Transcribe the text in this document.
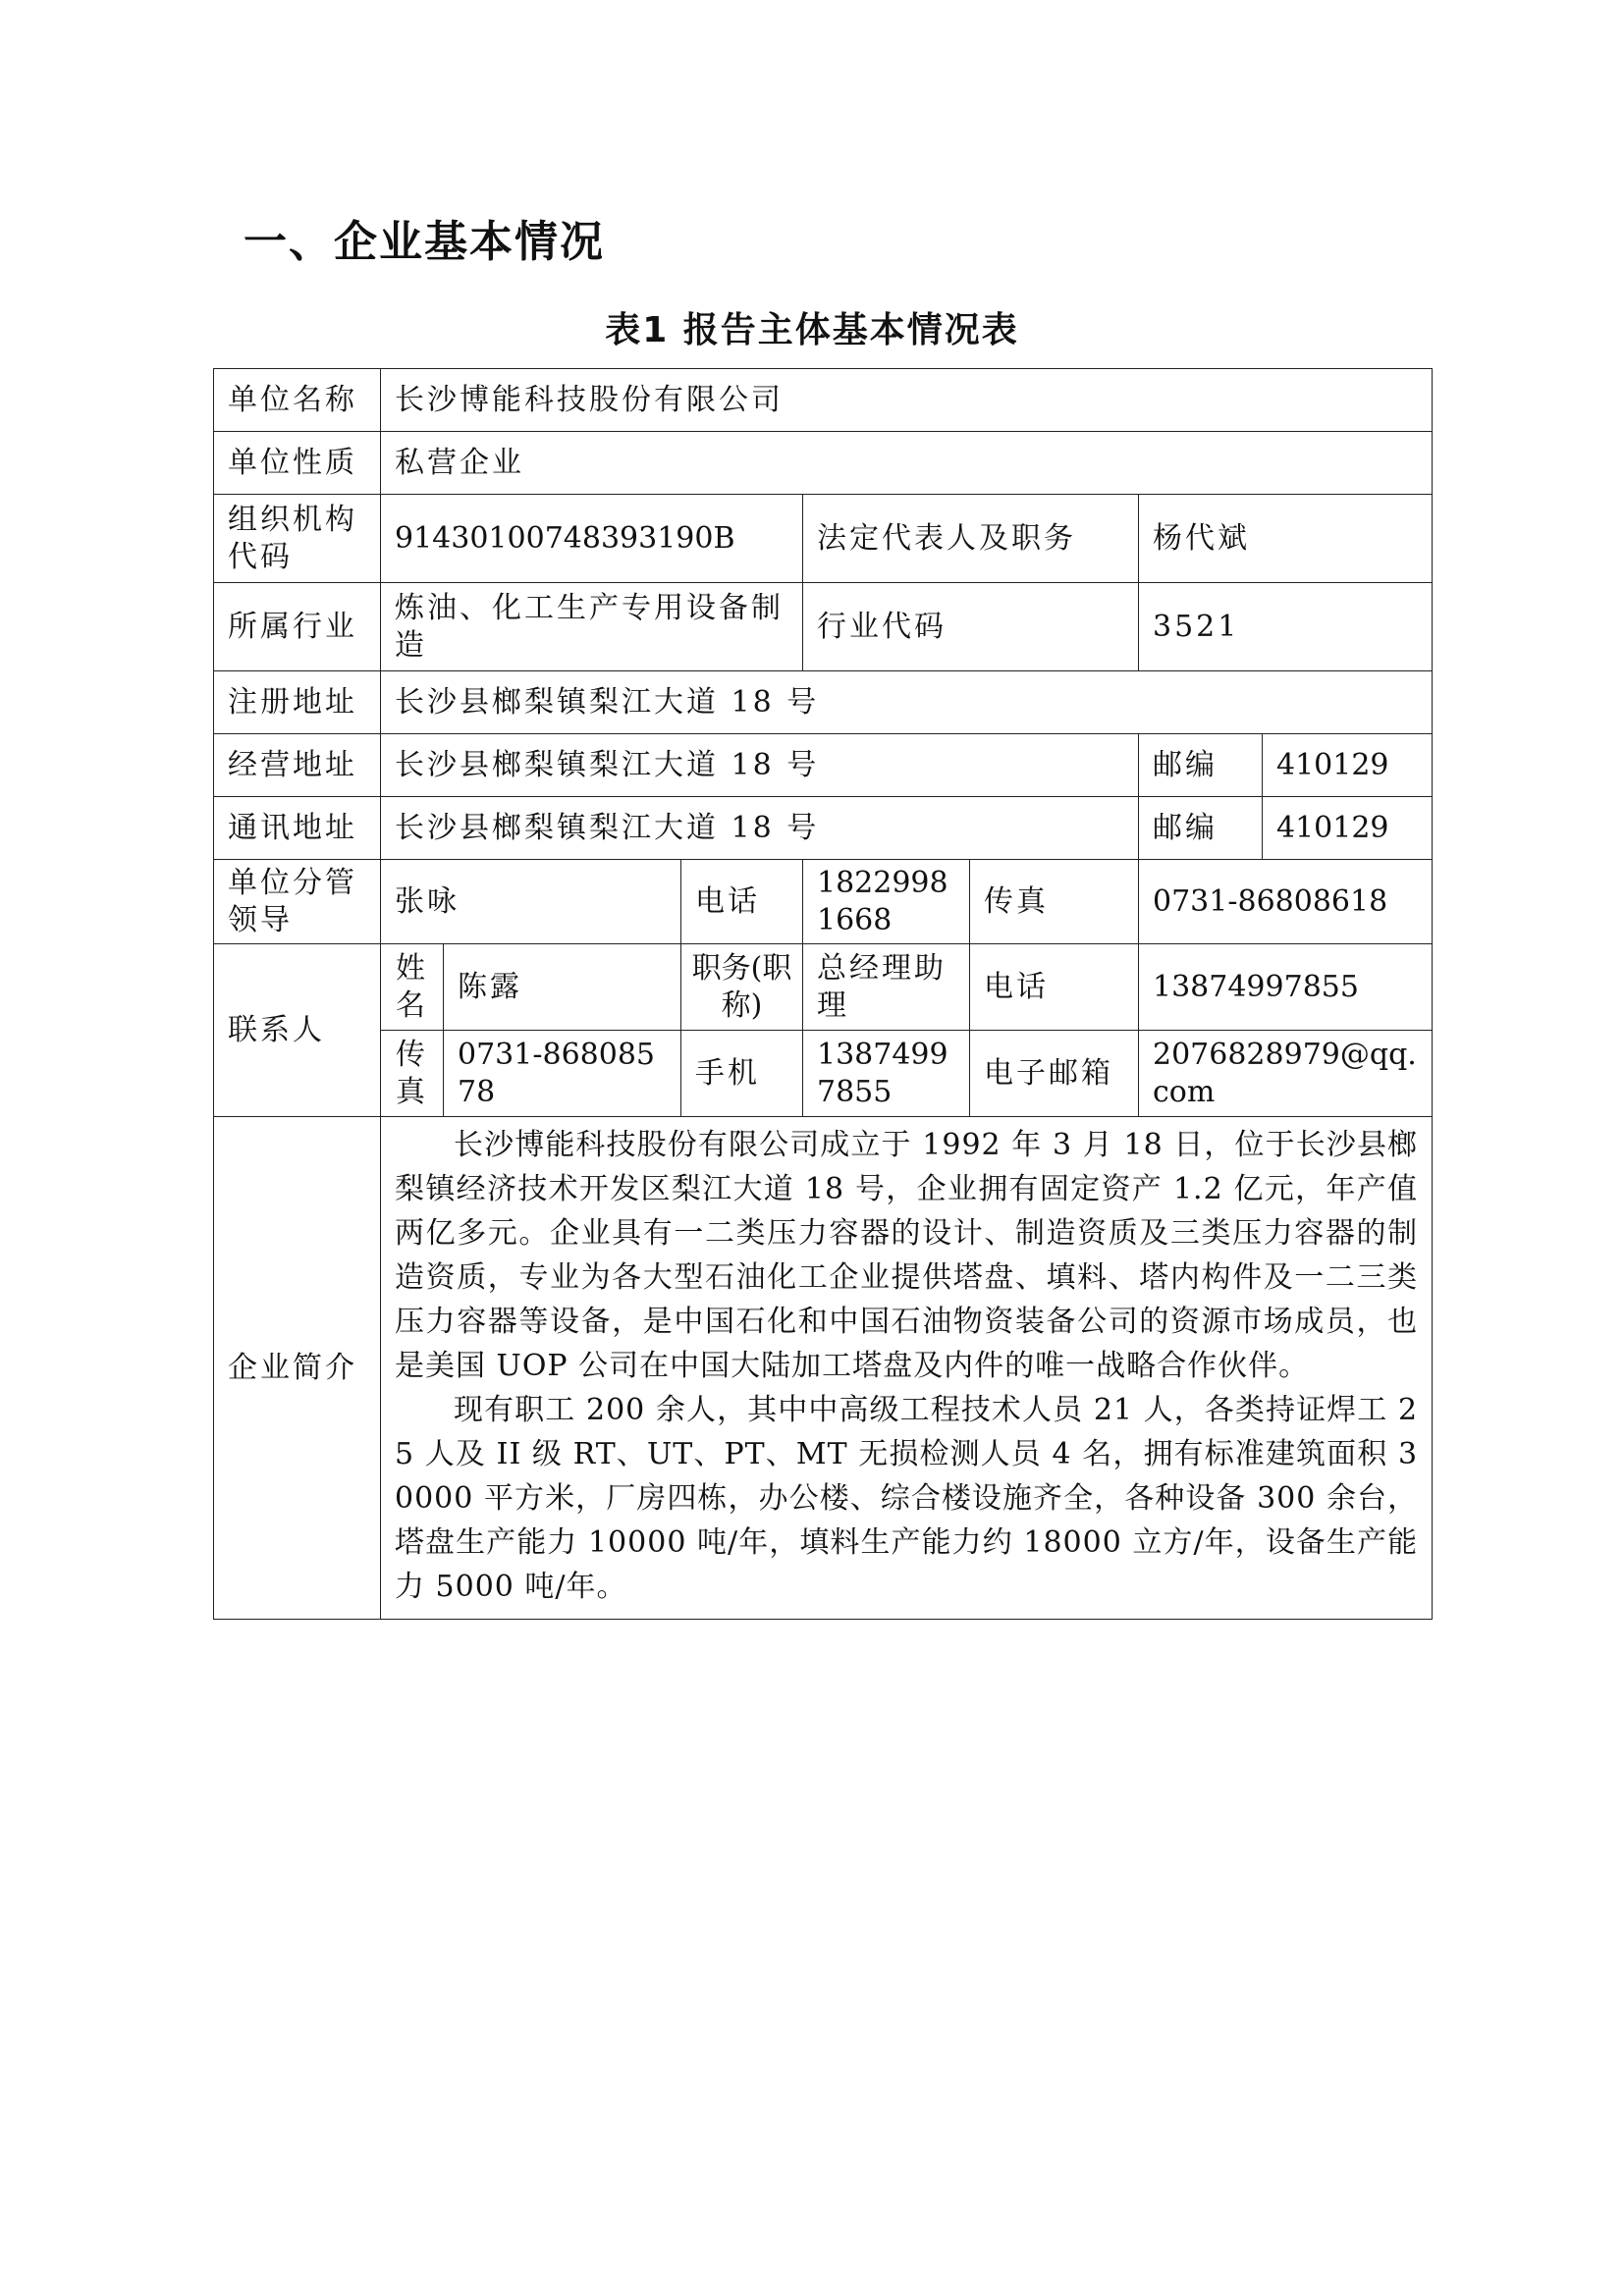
一、企业基本情况
表1 报告主体基本情况表
单位名称	长沙博能科技股份有限公司						
单位性质	私营企业						
组织机构代码	91430100748393190B			法定代表人及职务		杨代斌	
所属行业	炼油、化工生产专用设备制造			行业代码		3521	
注册地址	长沙县榔梨镇梨江大道 18 号						
经营地址	长沙县榔梨镇梨江大道 18 号					邮编	410129
通讯地址	长沙县榔梨镇梨江大道 18 号					邮编	410129
单位分管领导	张咏		电话	18229981668	传真	0731-86808618	
联系人	姓名	陈露	职务(职称)	总经理助理	电话	13874997855	
	传真	0731-86808578	手机	13874997855	电子邮箱	2076828979@qq.com	
企业简介	长沙博能科技股份有限公司成立于 1992 年 3 月 18 日，位于长沙县榔梨镇经济技术开发区梨江大道 18 号，企业拥有固定资产 1.2 亿元，年产值两亿多元。企业具有一二类压力容器的设计、制造资质及三类压力容器的制造资质，专业为各大型石油化工企业提供塔盘、填料、塔内构件及一二三类压力容器等设备，是中国石化和中国石油物资装备公司的资源市场成员，也是美国 UOP 公司在中国大陆加工塔盘及内件的唯一战略合作伙伴。

现有职工 200 余人，其中中高级工程技术人员 21 人，各类持证焊工 25 人及 II 级 RT、UT、PT、MT 无损检测人员 4 名，拥有标准建筑面积 30000 平方米，厂房四栋，办公楼、综合楼设施齐全，各种设备 300 余台，塔盘生产能力 10000 吨/年，填料生产能力约 18000 立方/年，设备生产能力 5000 吨/年。						
